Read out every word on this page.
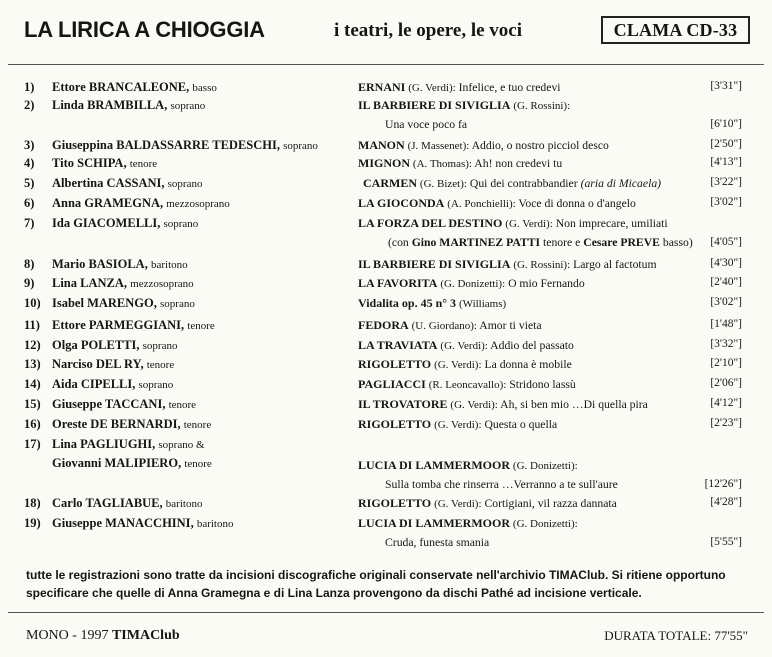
LA LIRICA A CHIOGGIA	i teatri, le opere, le voci	CLAMA CD-33
1)	Ettore BRANCALEONE, basso	ERNANI (G. Verdi): Infelice, e tuo credevi	[3'31"]
2)	Linda BRAMBILLA, soprano	IL BARBIERE DI SIVIGLIA (G. Rossini):
Una voce poco fa	[6'10"]
3)	Giuseppina BALDASSARRE TEDESCHI, soprano	MANON (J. Massenet): Addio, o nostro picciol desco	[2'50"]
4)	Tito SCHIPA, tenore	MIGNON (A. Thomas): Ah! non credevi tu	[4'13"]
5)	Albertina CASSANI, soprano	CARMEN (G. Bizet): Qui dei contrabbandier (aria di Micaela)	[3'22"]
6)	Anna GRAMEGNA, mezzosoprano	LA GIOCONDA (A. Ponchielli): Voce di donna o d'angelo	[3'02"]
7)	Ida GIACOMELLI, soprano	LA FORZA DEL DESTINO (G. Verdi): Non imprecare, umiliati
(con Gino MARTINEZ PATTI tenore e Cesare PREVE basso)	[4'05"]
8)	Mario BASIOLA, baritono	IL BARBIERE DI SIVIGLIA (G. Rossini): Largo al factotum	[4'30"]
9)	Lina LANZA, mezzosoprano	LA FAVORITA (G. Donizetti): O mio Fernando	[2'40"]
10) Isabel MARENGO, soprano	Vidalita op. 45 n° 3 (Williams)	[3'02"]
11) Ettore PARMEGGIANI, tenore	FEDORA (U. Giordano): Amor ti vieta	[1'48"]
12) Olga POLETTI, soprano	LA TRAVIATA (G. Verdi): Addio del passato	[3'32"]
13) Narciso DEL RY, tenore	RIGOLETTO (G. Verdi): La donna è mobile	[2'10"]
14) Aida CIPELLI, soprano	PAGLIACCI (R. Leoncavallo): Stridono lassù	[2'06"]
15) Giuseppe TACCANI, tenore	IL TROVATORE (G. Verdi): Ah, si ben mio …Di quella pira	[4'12"]
16) Oreste DE BERNARDI, tenore	RIGOLETTO (G. Verdi): Questa o quella	[2'23"]
17) Lina PAGLIUGHI, soprano &
Giovanni MALIPIERO, tenore	LUCIA DI LAMMERMOOR (G. Donizetti):
Sulla tomba che rinserra …Verranno a te sull'aure	[12'26"]
18) Carlo TAGLIABUE, baritono	RIGOLETTO (G. Verdi): Cortigiani, vil razza dannata	[4'28"]
19) Giuseppe MANACCHINI, baritono	LUCIA DI LAMMERMOOR (G. Donizetti):
Cruda, funesta smania	[5'55"]
tutte le registrazioni sono tratte da incisioni discografiche originali conservate nell'archivio TIMAClub. Si ritiene opportuno specificare che quelle di Anna Gramegna e di Lina Lanza provengono da dischi Pathé ad incisione verticale.
MONO - 1997 TIMAClub	DURATA TOTALE: 77'55"
